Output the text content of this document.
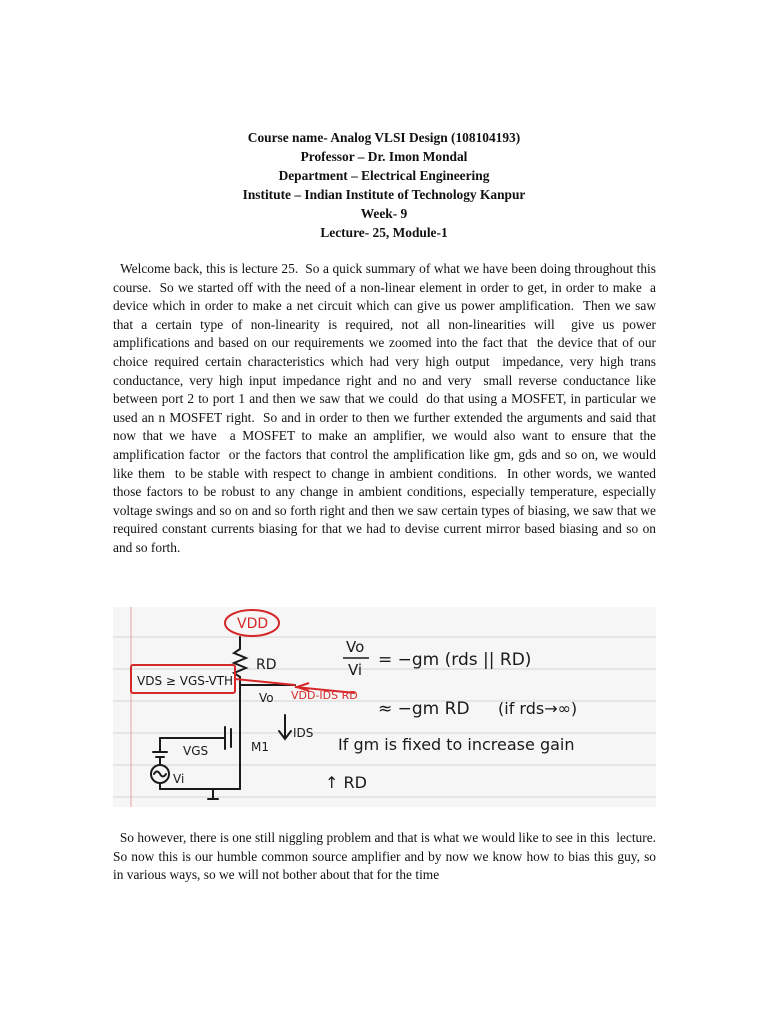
Course name- Analog VLSI Design (108104193)
Professor – Dr. Imon Mondal
Department – Electrical Engineering
Institute – Indian Institute of Technology Kanpur
Week- 9
Lecture- 25, Module-1
Welcome back, this is lecture 25.  So a quick summary of what we have been doing throughout this course.  So we started off with the need of a non-linear element in order to get, in order to make  a device which in order to make a net circuit which can give us power amplification.  Then we saw that a certain type of non-linearity is required, not all non-linearities will  give us power amplifications and based on our requirements we zoomed into the fact that  the device that of our choice required certain characteristics which had very high output  impedance, very high trans conductance, very high input impedance right and no and very  small reverse conductance like between port 2 to port 1 and then we saw that we could  do that using a MOSFET, in particular we used an n MOSFET right.  So and in order to then we further extended the arguments and said that now that we have  a MOSFET to make an amplifier, we would also want to ensure that the amplification factor  or the factors that control the amplification like gm, gds and so on, we would like them  to be stable with respect to change in ambient conditions.  In other words, we wanted those factors to be robust to any change in ambient conditions, especially temperature, especially voltage swings and so on and so forth right and then we saw certain types of biasing, we saw that we required constant currents biasing for that we had to devise current mirror based biasing and so on and so forth.
VDD
RD
VDS ≥ VGS-VTH
Vo VDD-IDS RD
IDS
VGS
Vi
M1
Vo
Vi = −gm (rds || RD)
≈ −gm RD (if rds→∞)
If gm is fixed to increase gain
↑ RD
So however, there is one still niggling problem and that is what we would like to see in this  lecture.  So now this is our humble common source amplifier and by now we know how to bias this guy, so  in various ways, so we will not bother about that for the time
